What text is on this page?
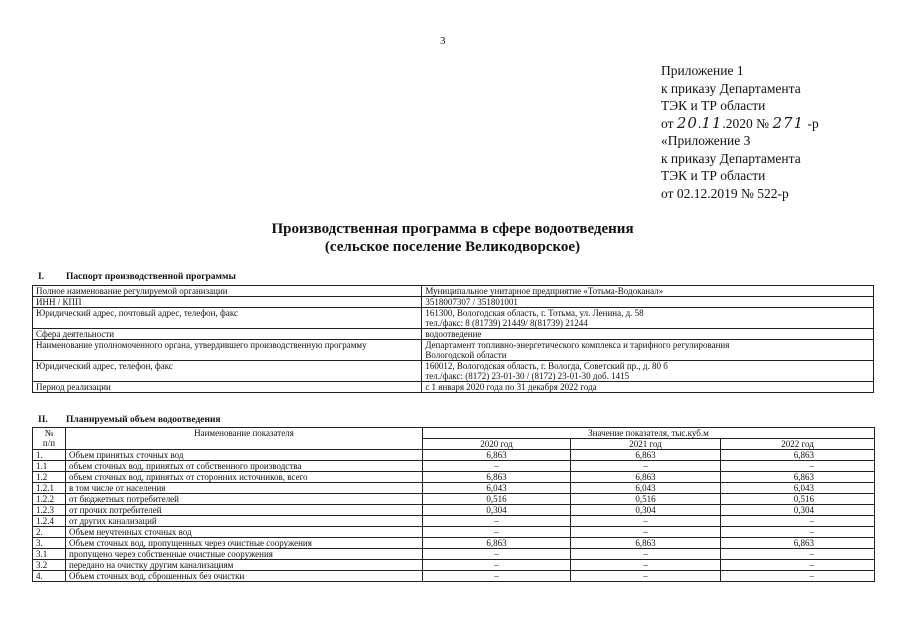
3
Приложение 1
к приказу Департамента
ТЭК и ТР области
от 20.11.2020 № 271 -р
«Приложение 3
к приказу Департамента
ТЭК и ТР области
от 02.12.2019 № 522-р
Производственная программа в сфере водоотведения
(сельское поселение Великодворское)
I. Паспорт производственной программы
Полное наименование регулируемой организации	Муниципальное унитарное предприятие «Тотьма-Водоканал»

ИНН / КПП	3518007307 / 351801001

Юридический адрес, почтовый адрес, телефон, факс	161300, Вологодская область, г. Тотьма, ул. Ленина, д. 58
тел./факс: 8 (81739) 21449/ 8(81739) 21244

Сфера деятельности	водоотведение

Наименование уполномоченного органа, утвердившего производственную программу	Департамент топливно-энергетического комплекса и тарифного регулирования
Вологодской области

Юридический адрес, телефон, факс	160012, Вологодская область, г. Вологда, Советский пр., д. 80 б
тел./факс: (8172) 23-01-30 / (8172) 23-01-30 доб. 1415

Период реализации	с 1 января 2020 года по 31 декабря 2022 года
II. Планируемый объем водоотведения
№
п/п	Наименование показателя	Значение показателя, тыс.куб.м		
		2020 год	2021 год	2022 год
1.	Объем принятых сточных вод	6,863	6,863	6,863
1.1	объем сточных вод, принятых от собственного производства	–	–	–
1.2	объем сточных вод, принятых от сторонних источников, всего	6,863	6,863	6,863
1.2.1	в том числе от населения	6,043	6,043	6,043
1.2.2	от бюджетных потребителей	0,516	0,516	0,516
1.2.3	от прочих потребителей	0,304	0,304	0,304
1.2.4	от других канализаций	–	–	–
2.	Объем неучтенных сточных вод	–	–	–
3.	Объем сточных вод, пропущенных через очистные сооружения	6,863	6,863	6,863
3.1	пропущено через собственные очистные сооружения	–	–	–
3.2	передано на очистку другим канализациям	–	–	–
4.	Объем сточных вод, сброшенных без очистки	–	–	–
